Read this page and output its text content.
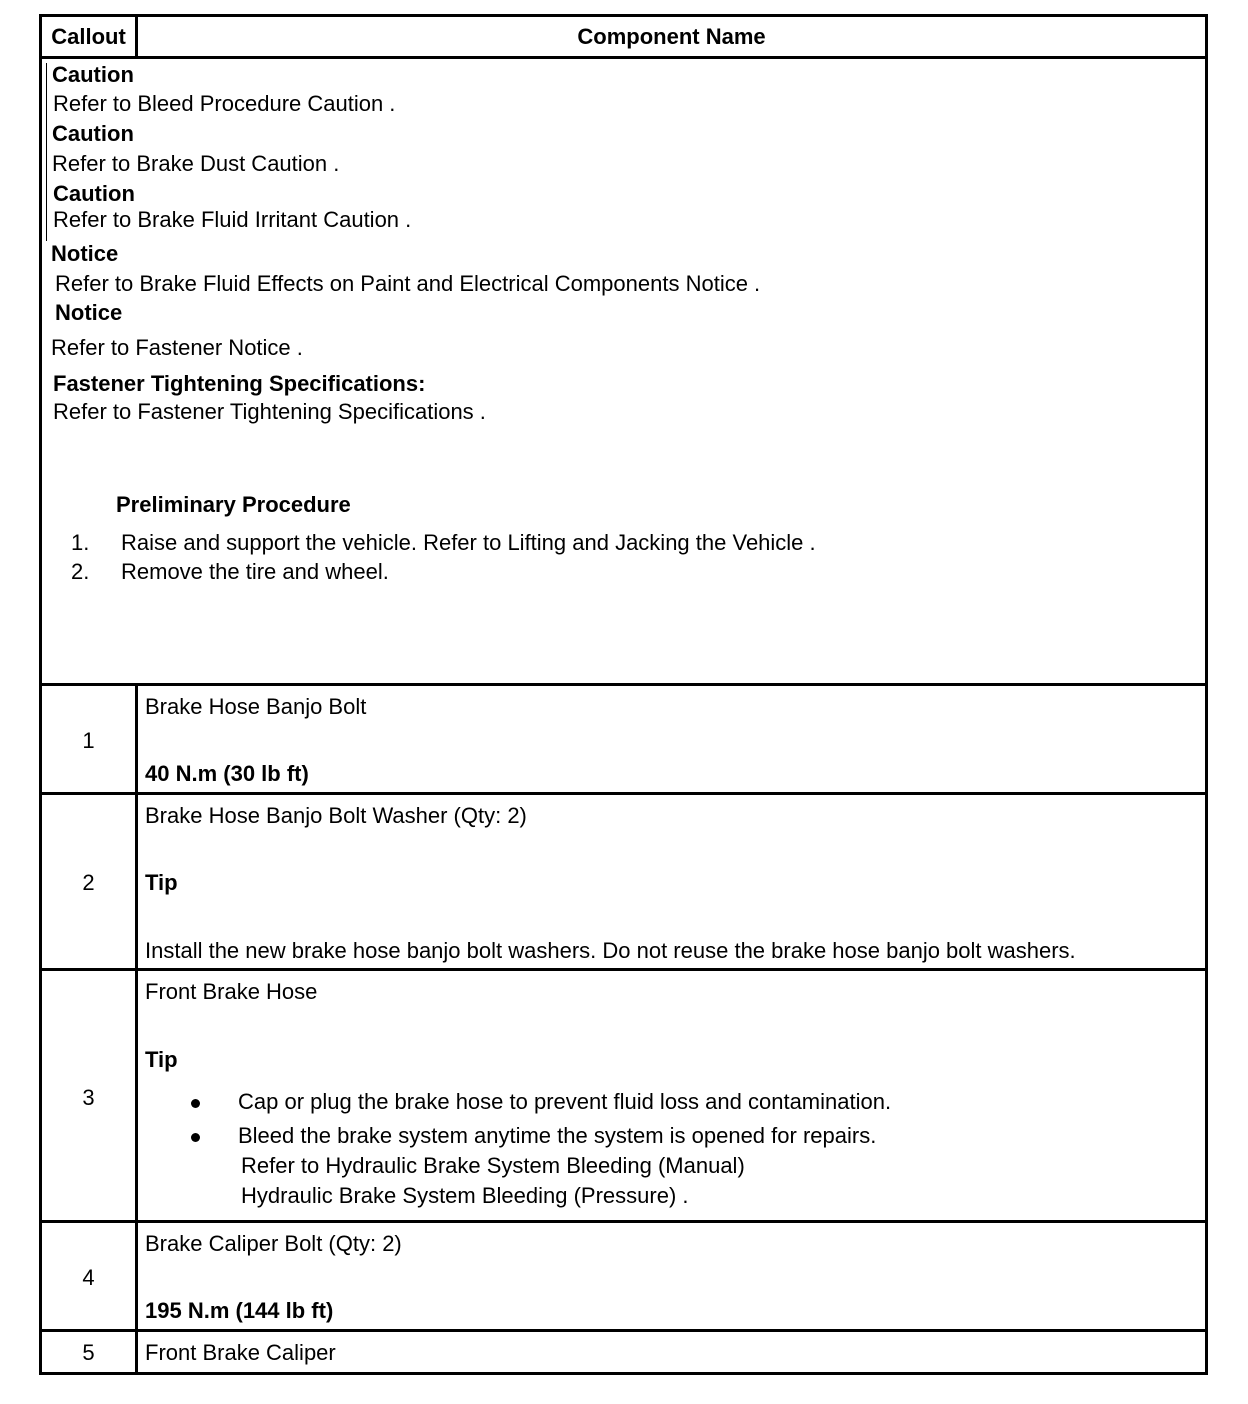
Callout	Component Name
Caution
Refer to Bleed Procedure Caution .
Caution
Refer to Brake Dust Caution .
Caution
Refer to Brake Fluid Irritant Caution .
Notice
Refer to Brake Fluid Effects on Paint and Electrical Components Notice .
Notice
Refer to Fastener Notice .
Fastener Tightening Specifications:
Refer to Fastener Tightening Specifications .
Preliminary Procedure
1. Raise and support the vehicle. Refer to Lifting and Jacking the Vehicle .
2. Remove the tire and wheel.
1
Brake Hose Banjo Bolt
40 N.m (30 lb ft)
2
Brake Hose Banjo Bolt Washer (Qty: 2)
Tip
Install the new brake hose banjo bolt washers. Do not reuse the brake hose banjo bolt washers.
3
Front Brake Hose
Tip
Cap or plug the brake hose to prevent fluid loss and contamination.
Bleed the brake system anytime the system is opened for repairs.
Refer to Hydraulic Brake System Bleeding (Manual)
Hydraulic Brake System Bleeding (Pressure) .
4
Brake Caliper Bolt (Qty: 2)
195 N.m (144 lb ft)
5	Front Brake Caliper
